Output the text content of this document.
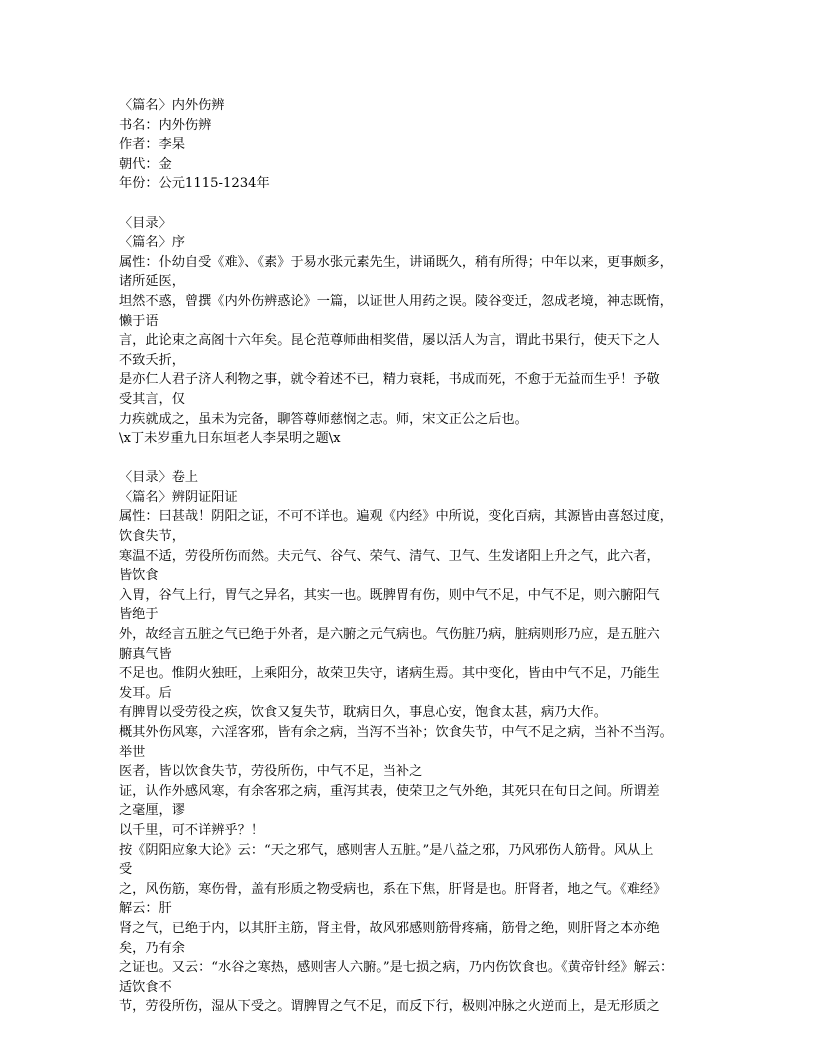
〈篇名〉内外伤辨
书名：内外伤辨
作者：李杲
朝代：金
年份：公元1115-1234年
〈目录〉
〈篇名〉序
属性：仆幼自受《难》、《素》于易水张元素先生，讲诵既久，稍有所得；中年以来，更事颇多，
诸所延医，
坦然不惑，曾撰《内外伤辨惑论》一篇，以证世人用药之误。陵谷变迁，忽成老境，神志既惰，
懒于语
言，此论束之高阁十六年矣。昆仑范尊师曲相奖借，屡以活人为言，谓此书果行，使天下之人
不致夭折，
是亦仁人君子济人利物之事，就令着述不已，精力衰耗，书成而死，不愈于无益而生乎！予敬
受其言，仅
力疾就成之，虽未为完备，聊答尊师慈悯之志。师，宋文正公之后也。
\x丁未岁重九日东垣老人李杲明之题\x
〈目录〉卷上
〈篇名〉辨阴证阳证
属性：曰甚哉！阴阳之证，不可不详也。遍观《内经》中所说，变化百病，其源皆由喜怒过度，
饮食失节，
寒温不适，劳役所伤而然。夫元气、谷气、荣气、清气、卫气、生发诸阳上升之气，此六者，
皆饮食
入胃，谷气上行，胃气之异名，其实一也。既脾胃有伤，则中气不足，中气不足，则六腑阳气
皆绝于
外，故经言五脏之气已绝于外者，是六腑之元气病也。气伤脏乃病，脏病则形乃应，是五脏六
腑真气皆
不足也。惟阴火独旺，上乘阳分，故荣卫失守，诸病生焉。其中变化，皆由中气不足，乃能生
发耳。后
有脾胃以受劳役之疾，饮食又复失节，耽病日久，事息心安，饱食太甚，病乃大作。
概其外伤风寒，六淫客邪，皆有余之病，当泻不当补；饮食失节，中气不足之病，当补不当泻。
举世
医者，皆以饮食失节，劳役所伤，中气不足，当补之
证，认作外感风寒，有余客邪之病，重泻其表，使荣卫之气外绝，其死只在旬日之间。所谓差
之毫厘，谬
以千里，可不详辨乎？！
按《阴阳应象大论》云：“天之邪气，感则害人五脏。”是八益之邪，乃风邪伤人筋骨。风从上
受
之，风伤筋，寒伤骨，盖有形质之物受病也，系在下焦，肝肾是也。肝肾者，地之气。《难经》
解云：肝
肾之气，已绝于内，以其肝主筋，肾主骨，故风邪感则筋骨疼痛，筋骨之绝，则肝肾之本亦绝
矣，乃有余
之证也。又云：“水谷之寒热，感则害人六腑。”是七损之病，乃内伤饮食也。《黄帝针经》解云：
适饮食不
节，劳役所伤，湿从下受之。谓脾胃之气不足，而反下行，极则冲脉之火逆而上，是无形质之
